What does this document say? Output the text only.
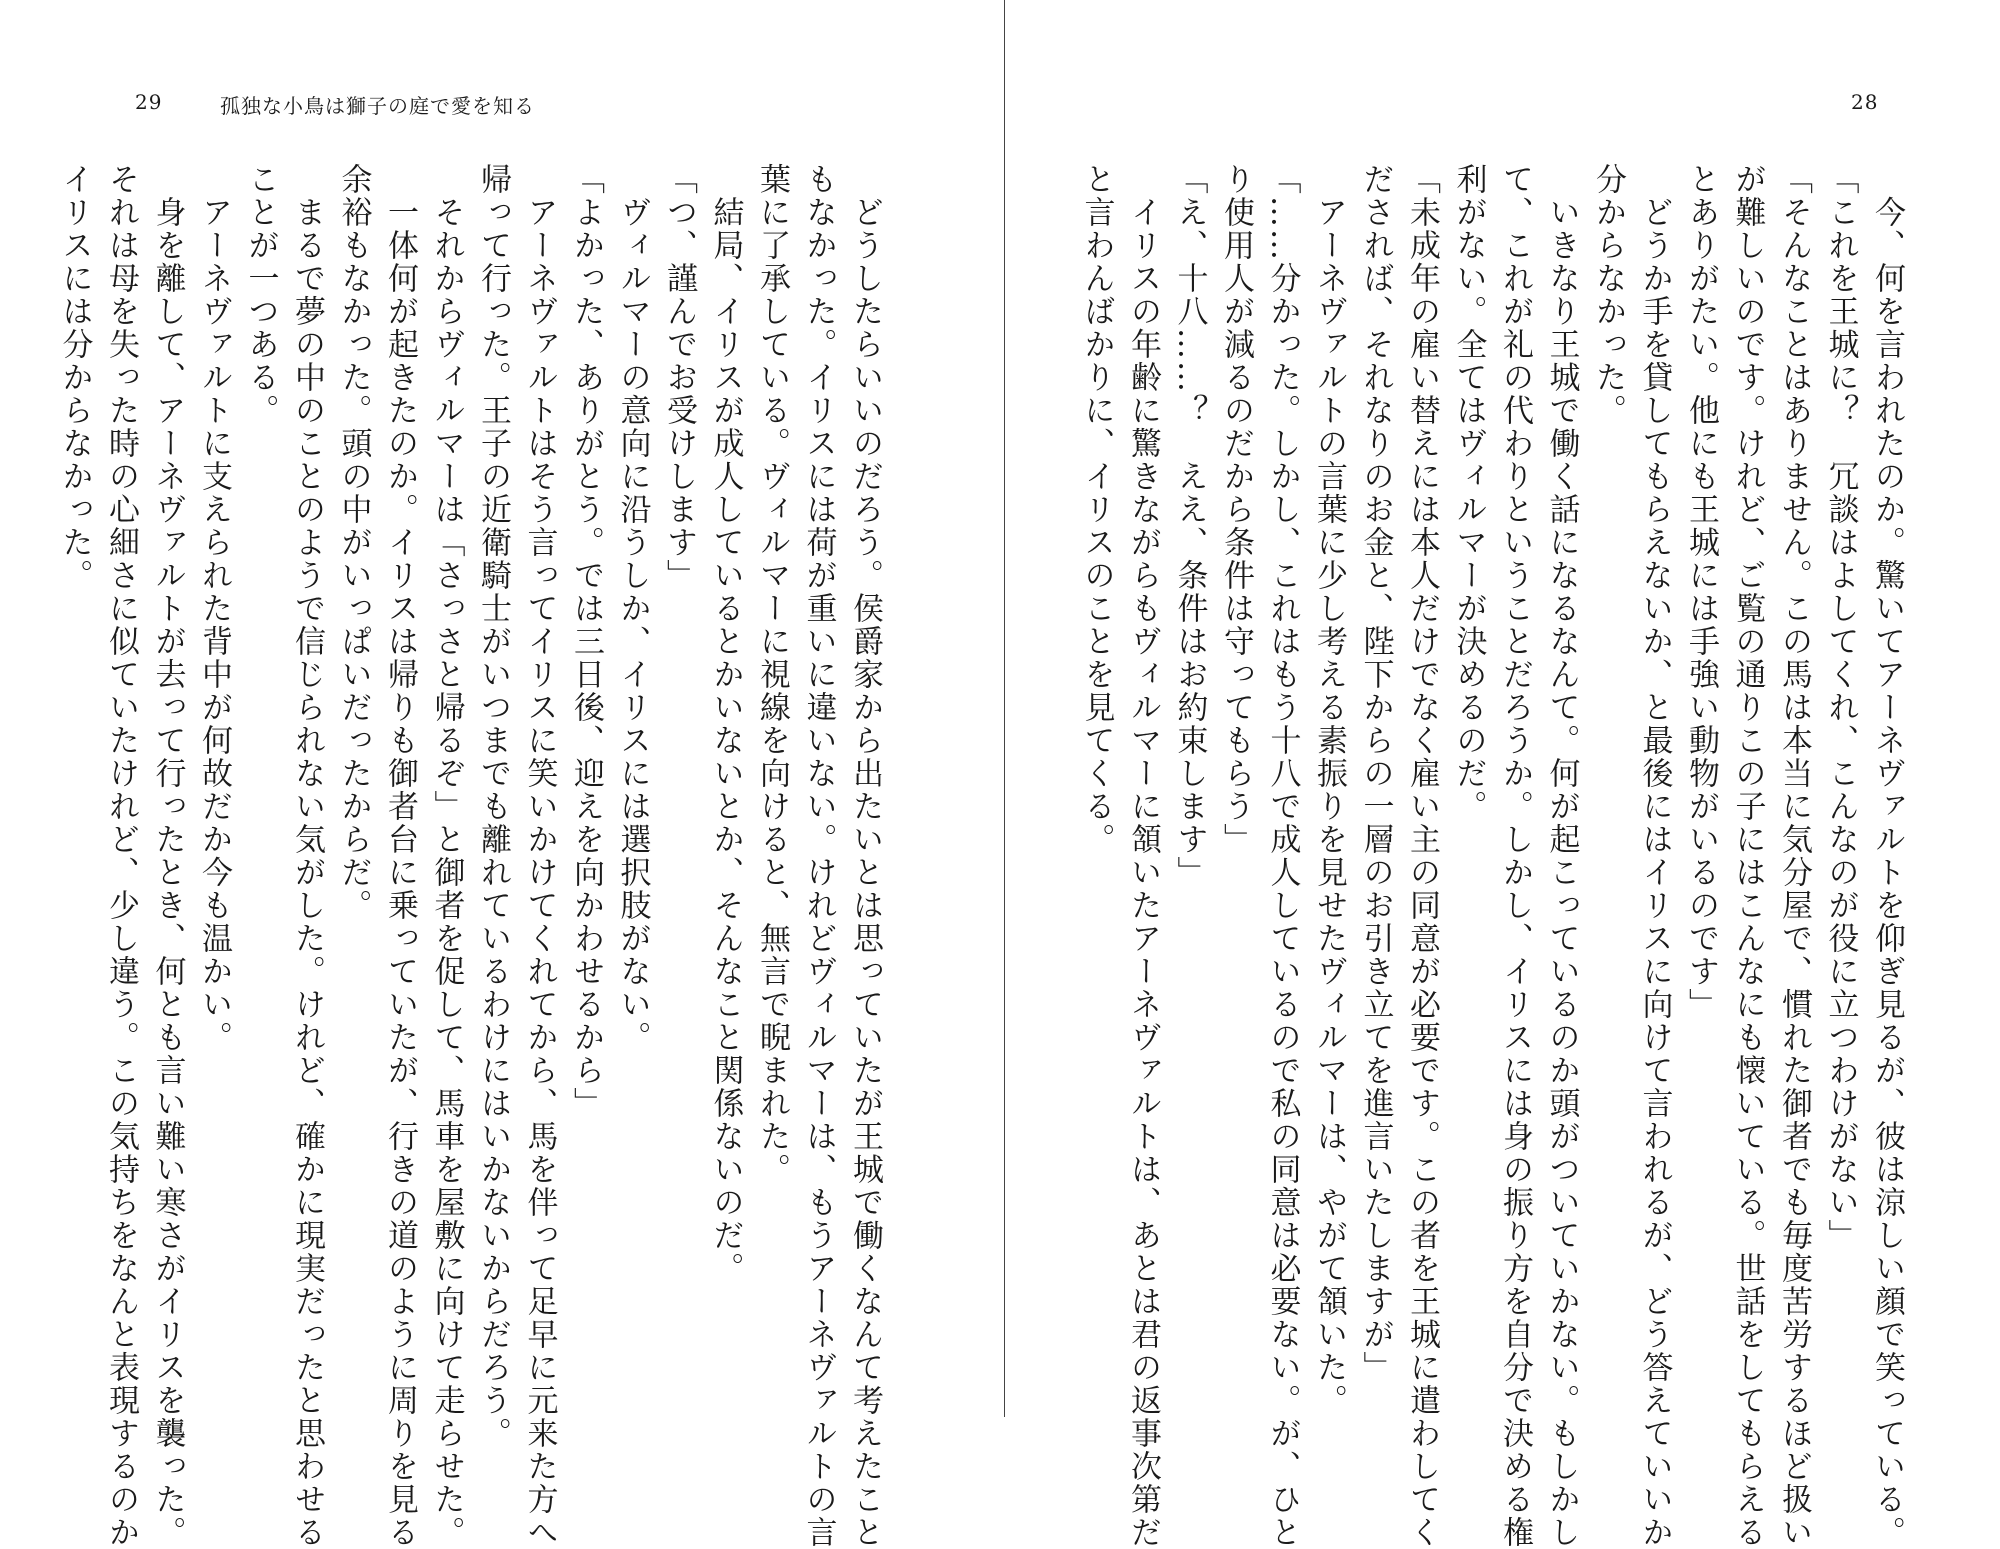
29	孤独な小鳥は獅子の庭で愛を知る
　どうしたらいいのだろう。侯爵家から出たいとは思っていたが王城で働くなんて考えたこと
もなかった。イリスには荷が重いに違いない。けれどヴィルマーは、もうアーネヴァルトの言
葉に了承している。ヴィルマーに視線を向けると、無言で睨まれた。
　結局、イリスが成人しているとかいないとか、そんなこと関係ないのだ。
「つ、謹んでお受けします」
　ヴィルマーの意向に沿うしか、イリスには選択肢がない。
「よかった、ありがとう。では三日後、迎えを向かわせるから」
　アーネヴァルトはそう言ってイリスに笑いかけてくれてから、馬を伴って足早に元来た方へ
帰って行った。王子の近衛騎士がいつまでも離れているわけにはいかないからだろう。
　それからヴィルマーは「さっさと帰るぞ」と御者を促して、馬車を屋敷に向けて走らせた。
　一体何が起きたのか。イリスは帰りも御者台に乗っていたが、行きの道のように周りを見る
余裕もなかった。頭の中がいっぱいだったからだ。
　まるで夢の中のことのようで信じられない気がした。けれど、確かに現実だったと思わせる
ことが一つある。
　アーネヴァルトに支えられた背中が何故だか今も温かい。
　身を離して、アーネヴァルトが去って行ったとき、何とも言い難い寒さがイリスを襲った。
それは母を失った時の心細さに似ていたけれど、少し違う。この気持ちをなんと表現するのか
イリスには分からなかった。
28
　今、何を言われたのか。驚いてアーネヴァルトを仰ぎ見るが、彼は涼しい顔で笑っている。
「これを王城に？　冗談はよしてくれ、こんなのが役に立つわけがない」
「そんなことはありません。この馬は本当に気分屋で、慣れた御者でも毎度苦労するほど扱い
が難しいのです。けれど、ご覧の通りこの子にはこんなにも懐いている。世話をしてもらえる
とありがたい。他にも王城には手強い動物がいるのです」
　どうか手を貸してもらえないか、と最後にはイリスに向けて言われるが、どう答えていいか
分からなかった。
　いきなり王城で働く話になるなんて。何が起こっているのか頭がついていかない。もしかし
て、これが礼の代わりということだろうか。しかし、イリスには身の振り方を自分で決める権
利がない。全てはヴィルマーが決めるのだ。
「未成年の雇い替えには本人だけでなく雇い主の同意が必要です。この者を王城に遣わしてく
だされば、それなりのお金と、陛下からの一層のお引き立てを進言いたしますが」
　アーネヴァルトの言葉に少し考える素振りを見せたヴィルマーは、やがて頷いた。
「……分かった。しかし、これはもう十八で成人しているので私の同意は必要ない。が、ひと
り使用人が減るのだから条件は守ってもらう」
「え、十八……？　ええ、条件はお約束します」
　イリスの年齢に驚きながらもヴィルマーに頷いたアーネヴァルトは、あとは君の返事次第だ
と言わんばかりに、イリスのことを見てくる。
